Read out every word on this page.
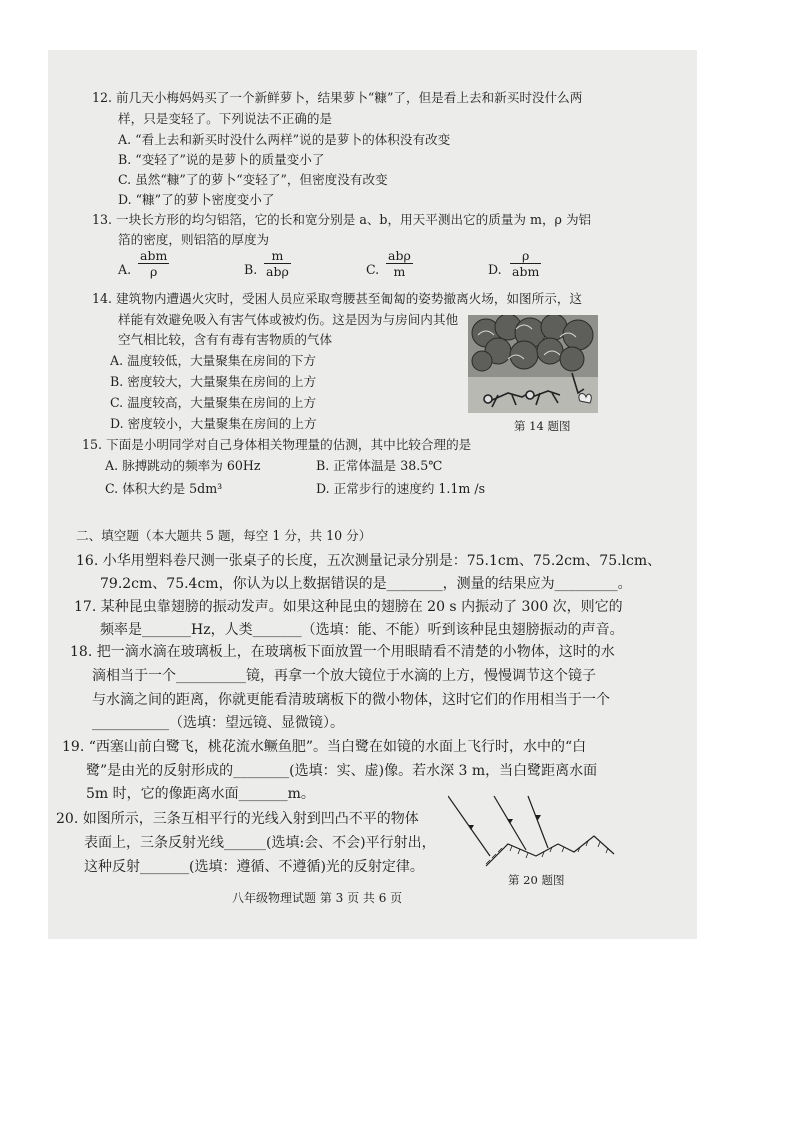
12. 前几天小梅妈妈买了一个新鲜萝卜，结果萝卜“糠”了，但是看上去和新买时没什么两
样，只是变轻了。下列说法不正确的是
A. “看上去和新买时没什么两样”说的是萝卜的体积没有改变
B. “变轻了”说的是萝卜的质量变小了
C. 虽然“糠”了的萝卜“变轻了”，但密度没有改变
D. “糠”了的萝卜密度变小了
13. 一块长方形的均匀铝箔，它的长和宽分别是 a、b，用天平测出它的质量为 m，ρ 为铝
箔的密度，则铝箔的厚度为
A.
abm
ρ	B.
m
abρ	C.
abρ
m	D.
ρ
abm
14. 建筑物内遭遇火灾时，受困人员应采取弯腰甚至匍匐的姿势撤离火场，如图所示，这
样能有效避免吸入有害气体或被灼伤。这是因为与房间内其他
空气相比较，含有有毒有害物质的气体
A. 温度较低，大量聚集在房间的下方
B. 密度较大，大量聚集在房间的上方
C. 温度较高，大量聚集在房间的上方
D. 密度较小，大量聚集在房间的上方	第 14 题图
15. 下面是小明同学对自己身体相关物理量的估测，其中比较合理的是
A. 脉搏跳动的频率为 60Hz	B. 正常体温是 38.5℃
C. 体积大约是 5dm³	D. 正常步行的速度约 1.1m /s
二、填空题（本大题共 5 题，每空 1 分，共 10 分）
16. 小华用塑料卷尺测一张桌子的长度，五次测量记录分别是：75.1cm、75.2cm、75.lcm、
79.2cm、75.4cm，你认为以上数据错误的是________，测量的结果应为_________。
17. 某种昆虫靠翅膀的振动发声。如果这种昆虫的翅膀在 20 s 内振动了 300 次，则它的
频率是_______Hz，人类_______（选填：能、不能）听到该种昆虫翅膀振动的声音。
18. 把一滴水滴在玻璃板上，在玻璃板下面放置一个用眼睛看不清楚的小物体，这时的水
滴相当于一个__________镜，再拿一个放大镜位于水滴的上方，慢慢调节这个镜子
与水滴之间的距离，你就更能看清玻璃板下的微小物体，这时它们的作用相当于一个
___________（选填：望远镜、显微镜）。
19. “西塞山前白鹭飞，桃花流水鳜鱼肥”。当白鹭在如镜的水面上飞行时，水中的“白
鹭”是由光的反射形成的________(选填：实、虚)像。若水深 3 m，当白鹭距离水面
5m 时，它的像距离水面_______m。
20. 如图所示，三条互相平行的光线入射到凹凸不平的物体
表面上，三条反射光线______(选填:会、不会)平行射出，
这种反射_______(选填：遵循、不遵循)光的反射定律。
第 20 题图
八年级物理试题 第 3 页 共 6 页
